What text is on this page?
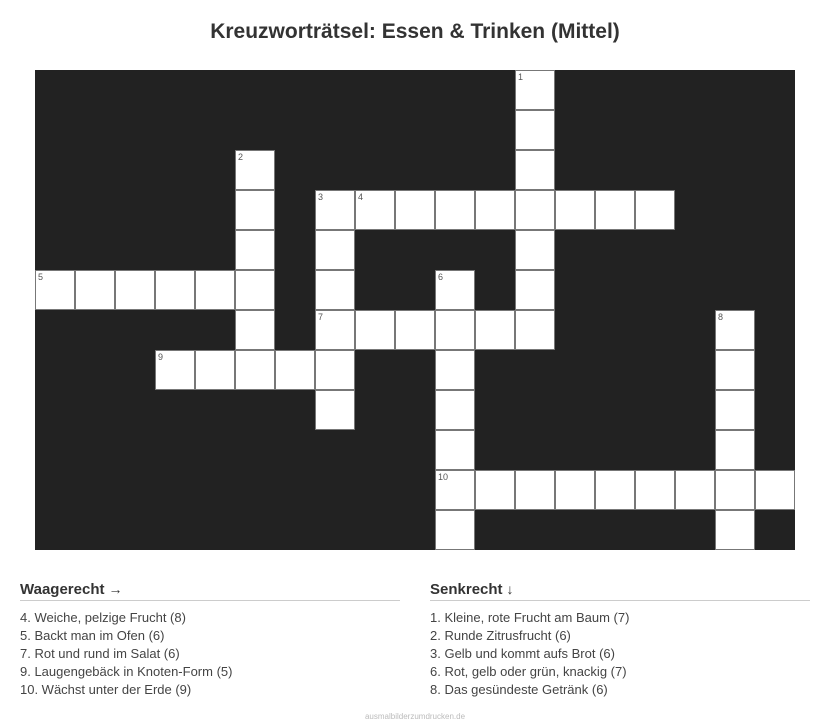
Kreuzworträtsel: Essen & Trinken (Mittel)
1
2
3
7
4
5	6
10
8
9
Waagerecht →
4. Weiche, pelzige Frucht (8)
5. Backt man im Ofen (6)
7. Rot und rund im Salat (6)
9. Laugengebäck in Knoten-Form (5)
10. Wächst unter der Erde (9)
Senkrecht ↓
1. Kleine, rote Frucht am Baum (7)
2. Runde Zitrusfrucht (6)
3. Gelb und kommt aufs Brot (6)
6. Rot, gelb oder grün, knackig (7)
8. Das gesündeste Getränk (6)
ausmalbilderzumdrucken.de
